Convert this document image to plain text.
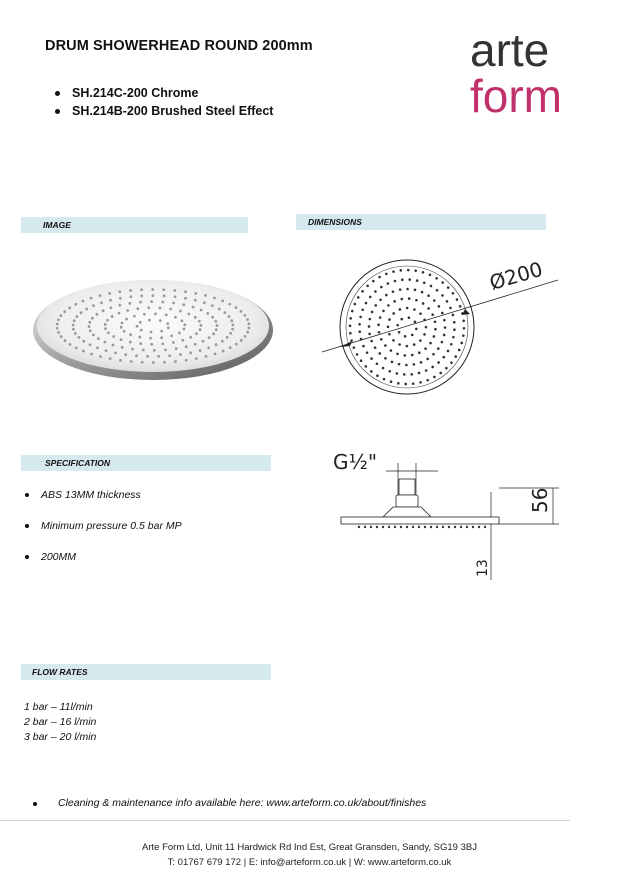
DRUM SHOWERHEAD ROUND 200mm
SH.214C-200 Chrome
SH.214B-200 Brushed Steel Effect
arte
form
IMAGE	DIMENSIONS
Ø200
G½"
56
13
SPECIFICATION
ABS 13MM thickness
Minimum pressure 0.5 bar MP
200MM
FLOW RATES
1 bar – 11l/min
2 bar – 16 l/min
3 bar – 20 l/min
Cleaning & maintenance info available here: www.arteform.co.uk/about/finishes
Arte Form Ltd, Unit 11 Hardwick Rd Ind Est, Great Gransden, Sandy, SG19 3BJ
T: 01767 679 172 | E: info@arteform.co.uk | W: www.arteform.co.uk
